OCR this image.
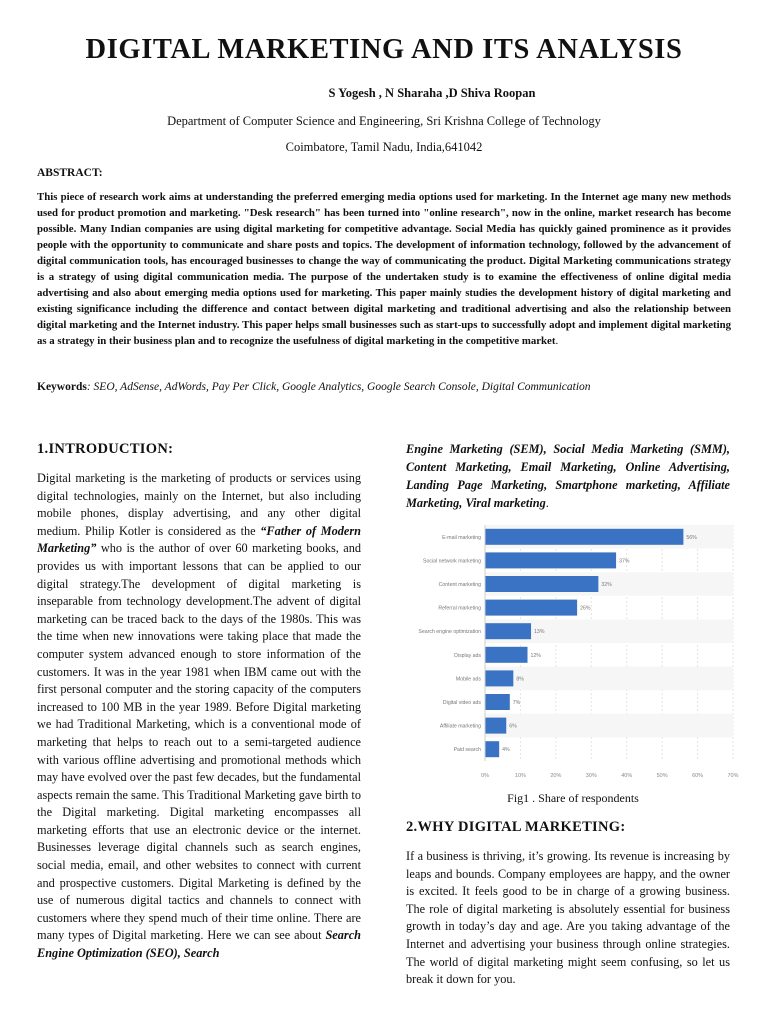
DIGITAL MARKETING AND ITS ANALYSIS
S Yogesh , N Sharaha ,D Shiva Roopan
Department of Computer Science and Engineering, Sri Krishna College of Technology
Coimbatore, Tamil Nadu, India,641042
ABSTRACT:

This piece of research work aims at understanding the preferred emerging media options used for marketing. In the Internet age many new methods used for product promotion and marketing. "Desk research" has been turned into "online research", now in the online, market research has become possible. Many Indian companies are using digital marketing for competitive advantage. Social Media has quickly gained prominence as it provides people with the opportunity to communicate and share posts and topics. The development of information technology, followed by the advancement of digital communication tools, has encouraged businesses to change the way of communicating the product. Digital Marketing communications strategy is a strategy of using digital communication media. The purpose of the undertaken study is to examine the effectiveness of online digital media advertising and also about emerging media options used for marketing. This paper mainly studies the development history of digital marketing and existing significance including the difference and contact between digital marketing and traditional advertising and also the relationship between digital marketing and the Internet industry. This paper helps small businesses such as start-ups to successfully adopt and implement digital marketing as a strategy in their business plan and to recognize the usefulness of digital marketing in the competitive market.

Keywords: SEO, AdSense, AdWords, Pay Per Click, Google Analytics, Google Search Console, Digital Communication
1.INTRODUCTION:

Digital marketing is the marketing of products or services using digital technologies, mainly on the Internet, but also including mobile phones, display advertising, and any other digital medium. Philip Kotler is considered as the “Father of Modern Marketing” who is the author of over 60 marketing books, and provides us with important lessons that can be applied to our digital strategy.The development of digital marketing is inseparable from technology development.The advent of digital marketing can be traced back to the days of the 1980s. This was the time when new innovations were taking place that made the computer system advanced enough to store information of the customers. It was in the year 1981 when IBM came out with the first personal computer and the storing capacity of the computers increased to 100 MB in the year 1989. Before Digital marketing we had Traditional Marketing, which is a conventional mode of marketing that helps to reach out to a semi-targeted audience with various offline advertising and promotional methods which may have evolved over the past few decades, but the fundamental aspects remain the same. This Traditional Marketing gave birth to the Digital marketing. Digital marketing encompasses all marketing efforts that use an electronic device or the internet. Businesses leverage digital channels such as search engines, social media, email, and other websites to connect with current and prospective customers. Digital Marketing is defined by the use of numerous digital tactics and channels to connect with customers where they spend much of their time online. There are many types of Digital marketing. Here we can see about Search Engine Optimization (SEO), Search

Engine Marketing (SEM), Social Media Marketing (SMM), Content Marketing, Email Marketing, Online Advertising, Landing Page Marketing, Smartphone marketing, Affiliate Marketing, Viral marketing.

0%	10%	20%	30%	40%	50%	60%	70%
E-mail marketing	56%
Social network marketing	37%
Content marketing	32%
Referral marketing	26%
Search engine optimization	13%
Display ads	12%
Mobile ads	8%
Digital video ads	7%
Affiliate marketing	6%
Paid search	4%
Fig1 . Share of respondents
2.WHY DIGITAL MARKETING:

If a business is thriving, it’s growing. Its revenue is increasing by leaps and bounds. Company employees are happy, and the owner is excited. It feels good to be in charge of a growing business. The role of digital marketing is absolutely essential for business growth in today’s day and age. Are you taking advantage of the Internet and advertising your business through online strategies. The world of digital marketing might seem confusing, so let us break it down for you.
